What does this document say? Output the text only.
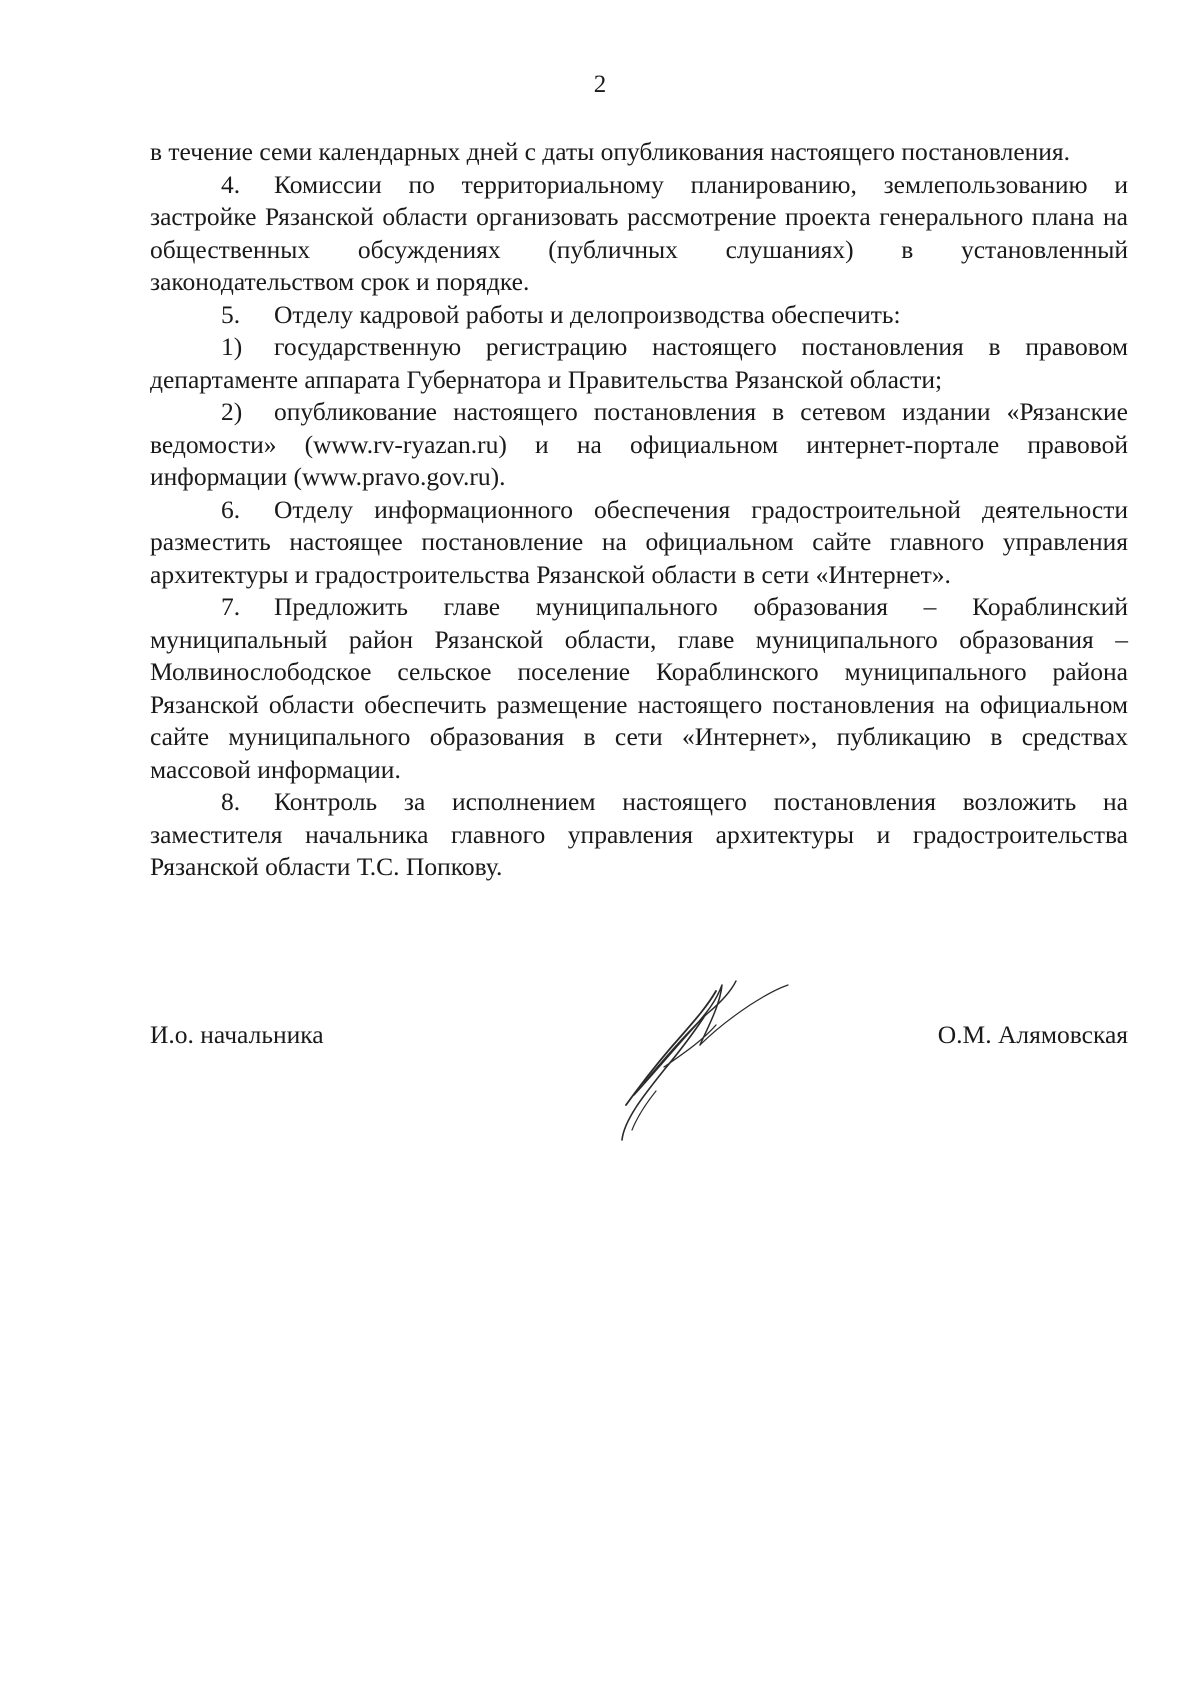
2

в течение семи календарных дней с даты опубликования настоящего постановления.

4. Комиссии по территориальному планированию, землепользованию и застройке Рязанской области организовать рассмотрение проекта генерального плана на общественных обсуждениях (публичных слушаниях) в установленный законодательством срок и порядке.

5. Отделу кадровой работы и делопроизводства обеспечить:

1) государственную регистрацию настоящего постановления в правовом департаменте аппарата Губернатора и Правительства Рязанской области;

2) опубликование настоящего постановления в сетевом издании «Рязанские ведомости» (www.rv-ryazan.ru) и на официальном интернет-портале правовой информации (www.pravo.gov.ru).

6. Отделу информационного обеспечения градостроительной деятельности разместить настоящее постановление на официальном сайте главного управления архитектуры и градостроительства Рязанской области в сети «Интернет».

7. Предложить главе муниципального образования – Кораблинский муниципальный район Рязанской области, главе муниципального образования – Молвинослободское сельское поселение Кораблинского муниципального района Рязанской области обеспечить размещение настоящего постановления на официальном сайте муниципального образования в сети «Интернет», публикацию в средствах массовой информации.

8. Контроль за исполнением настоящего постановления возложить на заместителя начальника главного управления архитектуры и градостроительства Рязанской области Т.С. Попкову.

И.о. начальника	О.М. Алямовская
